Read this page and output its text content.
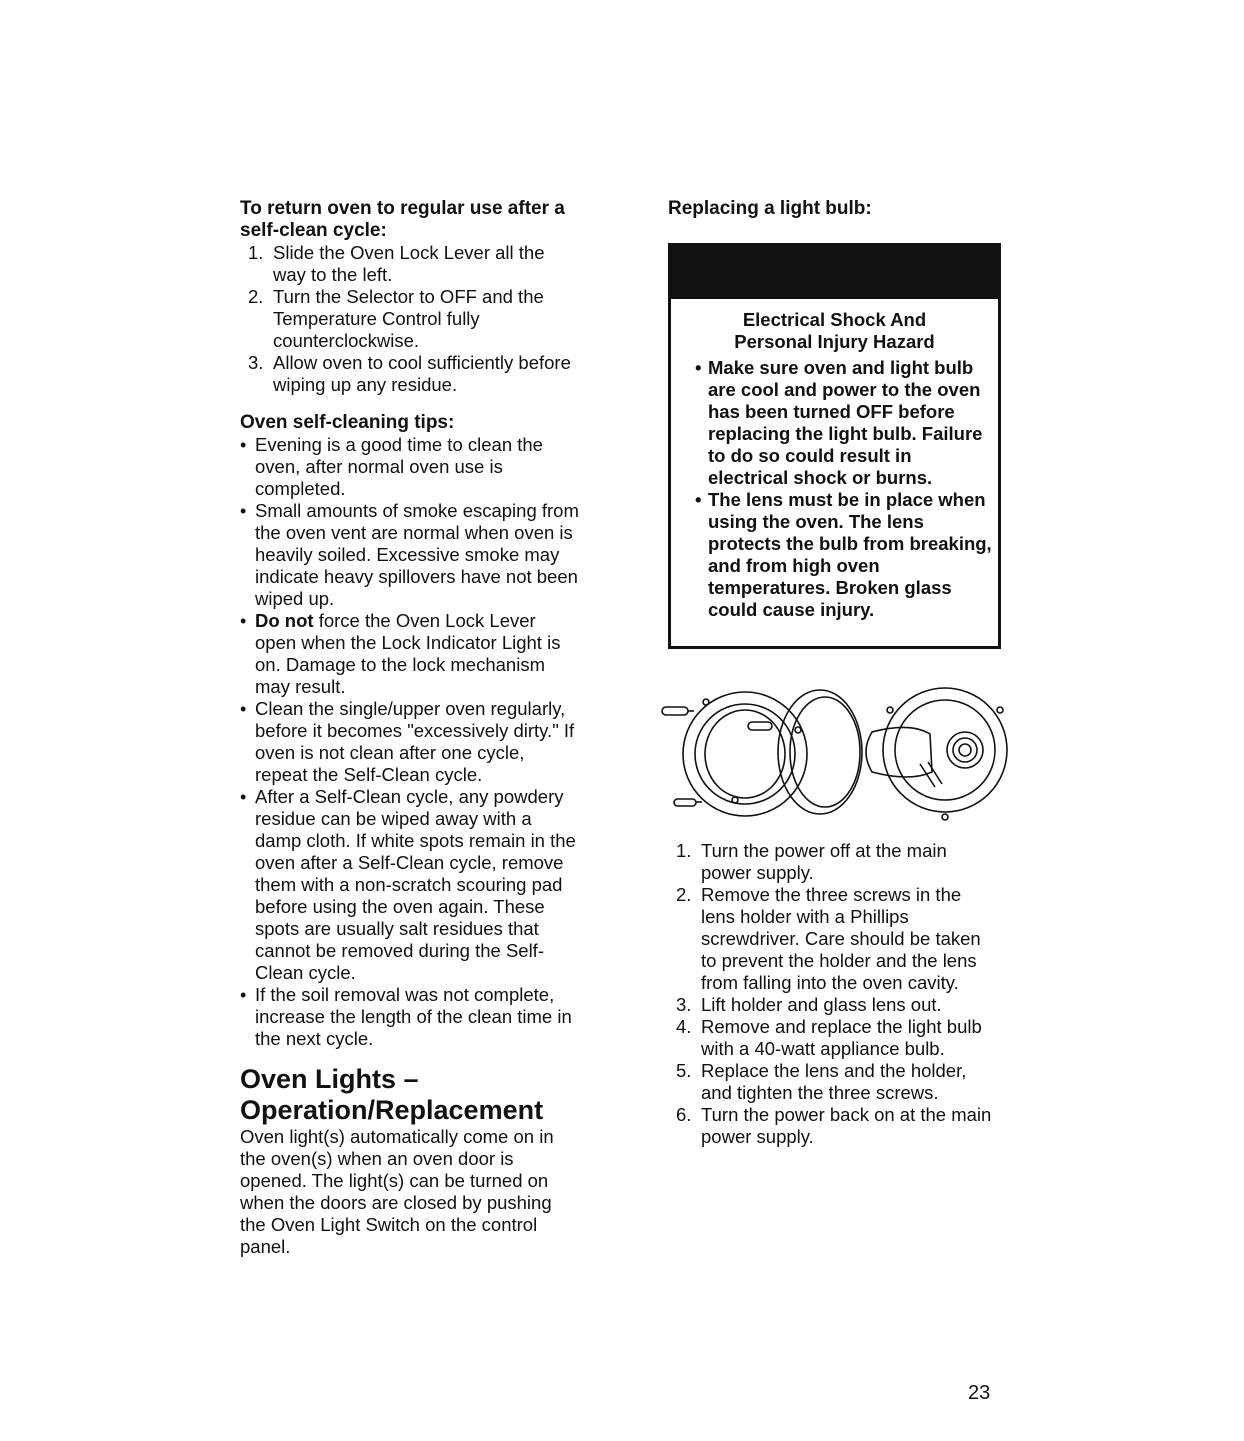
To return oven to regular use after a self-clean cycle:

1. Slide the Oven Lock Lever all the way to the left.
2. Turn the Selector to OFF and the Temperature Control fully counterclockwise.
3. Allow oven to cool sufficiently before wiping up any residue.

Oven self-cleaning tips:

• Evening is a good time to clean the oven, after normal oven use is completed.
• Small amounts of smoke escaping from the oven vent are normal when oven is heavily soiled. Excessive smoke may indicate heavy spillovers have not been wiped up.
• Do not force the Oven Lock Lever open when the Lock Indicator Light is on. Damage to the lock mechanism may result.
• Clean the single/upper oven regularly, before it becomes "excessively dirty." If oven is not clean after one cycle, repeat the Self-Clean cycle.
• After a Self-Clean cycle, any powdery residue can be wiped away with a damp cloth. If white spots remain in the oven after a Self-Clean cycle, remove them with a non-scratch scouring pad before using the oven again. These spots are usually salt residues that cannot be removed during the Self-Clean cycle.
• If the soil removal was not complete, increase the length of the clean time in the next cycle.

Oven Lights –

Operation/Replacement

Oven light(s) automatically come on in the oven(s) when an oven door is opened. The light(s) can be turned on when the doors are closed by pushing the Oven Light Switch on the control panel.

Replacing a light bulb:

Electrical Shock And
Personal Injury Hazard
• Make sure oven and light bulb are cool and power to the oven has been turned OFF before replacing the light bulb. Failure to do so could result in electrical shock or burns.
• The lens must be in place when using the oven. The lens protects the bulb from breaking, and from high oven temperatures. Broken glass could cause injury.
1. Turn the power off at the main power supply.
2. Remove the three screws in the lens holder with a Phillips screwdriver. Care should be taken to prevent the holder and the lens from falling into the oven cavity.
3. Lift holder and glass lens out.
4. Remove and replace the light bulb with a 40-watt appliance bulb.
5. Replace the lens and the holder, and tighten the three screws.
6. Turn the power back on at the main power supply.
23
